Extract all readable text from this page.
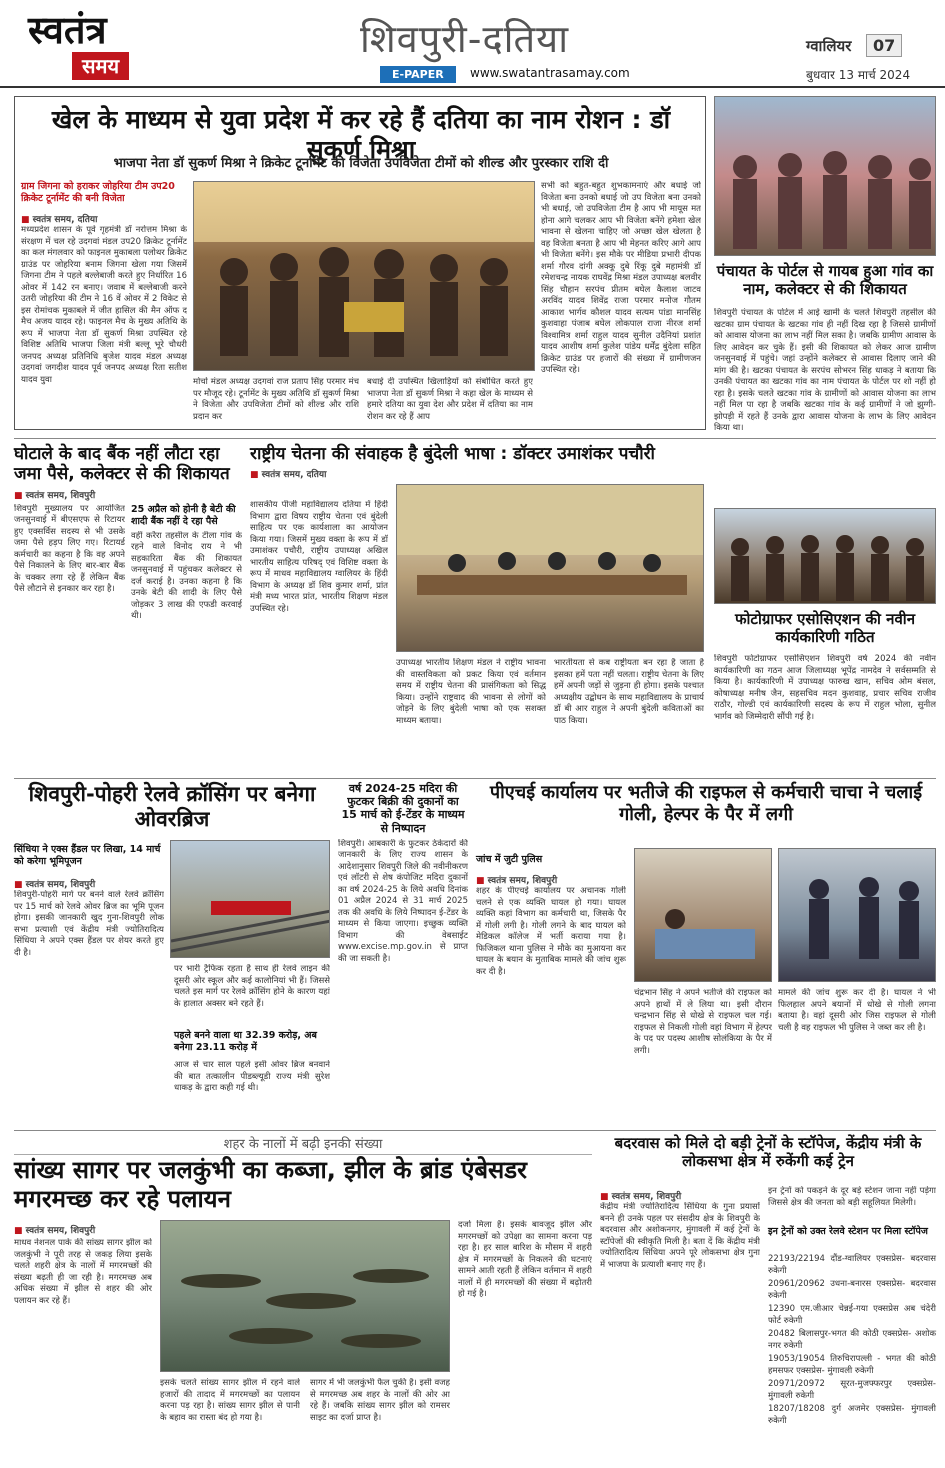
स्वतंत्र
समय
शिवपुरी-दतिया
E-PAPER	www.swatantrasamay.com
ग्वालियर	07
बुधवार 13 मार्च 2024
खेल के माध्यम से युवा प्रदेश में कर रहे हैं दतिया का नाम रोशन : डॉ सुकर्ण मिश्रा
भाजपा नेता डॉ सुकर्ण मिश्रा ने क्रिकेट टूर्नामेंट की विजेता उपविजेता टीमों को शील्ड और पुरस्कार राशि दी
ग्राम जिगना को हराकर जोहरिया टीम उप20 क्रिकेट टूर्नामेंट की बनी विजेता
■ स्वतंत्र समय, दतिया
मध्यप्रदेश शासन के पूर्व गृहमंत्री डॉ नरोत्तम मिश्रा के संरक्षण में चल रहे उदगवां मंडल उप20 क्रिकेट टूर्नामेंट का कल मंगलवार को फाइनल मुकाबला पलोथर क्रिकेट ग्राउंड पर जोहरिया बनाम जिगना खेला गया जिसमें जिगना टीम ने पहले बल्लेबाजी करते हुए निर्धारित 16 ओवर में 142 रन बनाए। जवाब में बल्लेबाजी करने उतरी जोहरिया की टीम ने 16 वें ओवर में 2 विकेट से इस रोमांचक मुकाबले में जीत हासिल की मैन ऑफ द मैच अजय यादव रहे। फाइनल मैच के मुख्य अतिथि के रूप में भाजपा नेता डॉ सुकर्ण मिश्रा उपस्थित रहे विशिष्ट अतिथि भाजपा जिला मंत्री बल्लू भूरे चौधरी जनपद अध्यक्ष प्रतिनिधि बृजेश यादव मंडल अध्यक्ष उदगवां जगदीश यादव पूर्व जनपद अध्यक्ष रिता सतीश यादव युवा	मोर्चा मंडल अध्यक्ष उदगवां राज प्रताप सिंह परमार मंच पर मौजूद रहे। टूर्नामेंट के मुख्य अतिथि डॉ सुकर्ण मिश्रा ने विजेता और उपविजेता टीमों को शील्ड और राशि प्रदान कर
बधाई दी उपस्थित खिलाड़ियों को संबोधित करते हुए भाजपा नेता डॉ सुकर्ण मिश्रा ने कहा खेल के माध्यम से हमारे दतिया का युवा देश और प्रदेश में दतिया का नाम रोशन कर रहे हैं आप
सभी को बहुत-बहुत शुभकामनाएं और बधाई जो विजेता बना उनको बधाई जो उप विजेता बना उनको भी बधाई, जो उपविजेता टीम है आप भी मायूस मत होना आगे चलकर आप भी विजेता बनेंगे हमेशा खेल भावना से खेलना चाहिए जो अच्छा खेल खेलता है वह विजेता बनता है आप भी मेहनत करिए आगे आप भी विजेता बनेंगे। इस मौके पर मीडिया प्रभारी दीपक शर्मा गौरव दांगी अक्कू दुबे रिंकू दुबे महामंत्री डॉ रमेशचन्द्र नायक राघवेंद्र मिश्रा मंडल उपाध्यक्ष बलवीर सिंह चौहान सरपंच प्रीतम बघेल कैलाश जाटव अरविंद यादव शिवेंद्र राजा परमार मनोज गौतम आकाश भार्गव कौशल यादव सत्यम पांडा मानसिंह कुशवाहा पंजाब बघेल लोकपाल राजा नीरज शर्मा विश्वामित्र शर्मा राहुल यादव सुनील उदैनियां प्रशांत यादव आशीष शर्मा कुलेश पांडेय धर्मेंद्र बुंदेला सहित क्रिकेट ग्राउंड पर हजारों की संख्या में ग्रामीणजन उपस्थित रहे।
पंचायत के पोर्टल से गायब हुआ गांव का नाम, कलेक्टर से की शिकायत
शिवपुरी पंचायत के पोर्टल में आई खामी के चलते शिवपुरी तहसील की खटका ग्राम पंचायत के खटका गांव ही नहीं दिख रहा है जिससे ग्रामीणों को आवास योजना का लाभ नहीं मिल सका है। जबकि ग्रामीण आवास के लिए आवेदन कर चुके हैं। इसी की शिकायत को लेकर आज ग्रामीण जनसुनवाई में पहुंचे। जहां उन्होंने कलेक्टर से आवास दिलाए जाने की मांग की है। खटका पंचायत के सरपंच सोभरन सिंह धाकड़ ने बताया कि उनकी पंचायत का खटका गांव का नाम पंचायत के पोर्टल पर शो नहीं हो रहा है। इसके चलते खटका गांव के ग्रामीणों को आवास योजना का लाभ नहीं मिल पा रहा है जबकि खटका गांव के कई ग्रामीणों ने जो झुग्गी-झोपड़ी में रहते हैं उनके द्वारा आवास योजना के लाभ के लिए आवेदन किया था।
घोटाले के बाद बैंक नहीं लौटा रहा जमा पैसे, कलेक्टर से की शिकायत
■ स्वतंत्र समय, शिवपुरी
शिवपुरी मुख्यालय पर आयोजित जनसुनवाई में बीएसएफ से रिटायर हुए एक्सर्विस सदस्य से भी उसके जमा पैसे हड़प लिए गए। रिटायर्ड कर्मचारी का कहना है कि वह अपने पैसे निकालने के लिए बार-बार बैंक के चक्कर लगा रहे हैं लेकिन बैंक पैसे लौटाने से इनकार कर रहा है।
25 अप्रैल को होनी है बेटी की शादी बैंक नहीं दे रहा पैसे
वहीं करैरा तहसील के टीला गांव के रहने वाले विनोद राय ने भी सहकारिता बैंक की शिकायत जनसुनवाई में पहुंचकर कलेक्टर से दर्ज कराई है। उनका कहना है कि उनके बेटी की शादी के लिए पैसे जोड़कर 3 लाख की एफडी करवाई थी।
राष्ट्रीय चेतना की संवाहक है बुंदेली भाषा : डॉक्टर उमाशंकर पचौरी
■ स्वतंत्र समय, दतिया
शासकीय पीजी महाविद्यालय दतिया में हिंदी विभाग द्वारा विषय राष्ट्रीय चेतना एवं बुंदेली साहित्य पर एक कार्यशाला का आयोजन किया गया। जिसमें मुख्य वक्ता के रूप में डॉ उमाशंकर पचौरी, राष्ट्रीय उपाध्यक्ष अखिल भारतीय साहित्य परिषद् एवं विशिष्ट वक्ता के रूप में माधव महाविद्यालय ग्वालियर के हिंदी विभाग के अध्यक्ष डॉ शिव कुमार शर्मा, प्रांत मंत्री मध्य भारत प्रांत, भारतीय शिक्षण मंडल उपस्थित रहे।
उपाध्यक्ष भारतीय शिक्षण मंडल ने राष्ट्रीय भावना की वास्तविकता को प्रकट किया एवं वर्तमान समय में राष्ट्रीय चेतना की प्रासंगिकता को सिद्ध किया। उन्होंने राष्ट्रवाद की भावना से लोगों को जोड़ने के लिए बुंदेली भाषा को एक सशक्त माध्यम बताया।
भारतीयता से कब राष्ट्रीयता बन रहा है जाता है इसका हमें पता नहीं चलता। राष्ट्रीय चेतना के लिए हमें अपनी जड़ों से जुड़ना ही होगा। इसके पश्चात अध्यक्षीय उद्बोधन के साथ महाविद्यालय के प्राचार्य डॉ बी आर राहुल ने अपनी बुंदेली कविताओं का पाठ किया।
फोटोग्राफर एसोसिएशन की नवीन कार्यकारिणी गठित
शिवपुरी फोटोग्राफर एसोसिएशन शिवपुरी वर्ष 2024 की नवीन कार्यकारिणी का गठन आज जिलाध्यक्ष भूपेंद्र नामदेव ने सर्वसम्मति से किया है। कार्यकारिणी में उपाध्यक्ष फारुख खान, सचिव ओम बंसल, कोषाध्यक्ष मनीष जैन, सहसचिव मदन कुशवाह, प्रचार सचिव राजीव राठौर, गोल्डी एवं कार्यकारिणी सदस्य के रूप में राहुल भोला, सुनील भार्गव को जिम्मेदारी सौंपी गई है।
शिवपुरी-पोहरी रेलवे क्रॉसिंग पर बनेगा ओवरब्रिज
सिंधिया ने एक्स हैंडल पर लिखा, 14 मार्च को करेगा भूमिपूजन
■ स्वतंत्र समय, शिवपुरी
शिवपुरी-पोहरी मार्ग पर बनने वाले रेलवे क्रॉसिंग पर 15 मार्च को रेलवे ओवर ब्रिज का भूमि पूजन होगा। इसकी जानकारी खुद गुना-शिवपुरी लोक सभा प्रत्याशी एवं केंद्रीय मंत्री ज्योतिरादित्य सिंधिया ने अपने एक्स हैंडल पर शेयर करते हुए दी है।
पर भारी ट्रैफिक रहता है साथ ही रेलवे लाइन की दूसरी ओर स्कूल और कई कालोनियां भी हैं। जिससे चलते इस मार्ग पर रेलवे क्रॉसिंग होने के कारण यहां के हालात अक्सर बने रहते हैं।
पहले बनने वाला था 32.39 करोड़, अब बनेगा 23.11 करोड़ में
आज से चार साल पहले इसी ओवर ब्रिज बनवाने की बात तत्कालीन पीडब्ल्यूडी राज्य मंत्री सुरेश धाकड़ के द्वारा कही गई थी।
वर्ष 2024-25 मदिरा की फुटकर बिक्री की दुकानों का 15 मार्च को ई-टेंडर के माध्यम से निष्पादन
शिवपुरी। आबकारी के फुटकर ठेकेदारों की जानकारी के लिए राज्य शासन के आदेशानुसार शिवपुरी जिले की नवीनीकरण एवं लॉटरी से शेष कंपोजिट मदिरा दुकानों का वर्ष 2024-25 के लिये अवधि दिनांक 01 अप्रैल 2024 से 31 मार्च 2025 तक की अवधि के लिये निष्पादन ई-टेंडर के माध्यम से किया जाएगा। इच्छुक व्यक्ति विभाग की वेबसाईट www.excise.mp.gov.in से प्राप्त की जा सकती है।
पीएचई कार्यालय पर भतीजे की राइफल से कर्मचारी चाचा ने चलाई गोली, हेल्पर के पैर में लगी
जांच में जुटी पुलिस
■ स्वतंत्र समय, शिवपुरी
शहर के पीएचई कार्यालय पर अचानक गोली चलने से एक व्यक्ति घायल हो गया। घायल व्यक्ति कहां विभाग का कर्मचारी था, जिसके पैर में गोली लगी है। गोली लगने के बाद घायल को मेडिकल कॉलेज में भर्ती कराया गया है। फिजिकल थाना पुलिस ने मौके का मुआयना कर घायल के बयान के मुताबिक मामले की जांच शुरू कर दी है।
चंद्रभान सिंह ने अपने भतीजे की राइफल को अपने हाथों में ले लिया था। इसी दौरान चन्द्रभान सिंह से धोखे से राइफल चल गई। राइफल से निकली गोली वहां विभाग में हेल्पर के पद पर पदस्थ आशीष सोलंकिया के पैर में लगी।
मामले की जांच शुरू कर दी है। घायल ने भी फिलहाल अपने बयानों में धोखे से गोली लगना बताया है। वहां दूसरी ओर जिस राइफल से गोली चली है वह राइफल भी पुलिस ने जब्त कर ली है।
शहर के नालों में बढ़ी इनकी संख्या
सांख्य सागर पर जलकुंभी का कब्जा, झील के ब्रांड एंबेसडर मगरमच्छ कर रहे पलायन
■ स्वतंत्र समय, शिवपुरी
माधव नेशनल पार्क की सांख्य सागर झील को जलकुंभी ने पूरी तरह से जकड़ लिया इसके चलते शहरी क्षेत्र के नालों में मगरमच्छों की संख्या बढ़ती ही जा रही है। मगरमच्छ अब अधिक संख्या में झील से शहर की ओर पलायन कर रहे हैं।
इसके चलते सांख्य सागर झील में रहने वाले हजारों की तादाद में मगरमच्छों का पलायन करना पड़ रहा है। सांख्य सागर झील से पानी के बहाव का रास्ता बंद हो गया है।
सागर में भी जलकुंभी फैल चुकी है। इसी वजह से मगरमच्छ अब शहर के नालों की ओर आ रहे हैं। जबकि सांख्य सागर झील को रामसर साइट का दर्जा प्राप्त है।
दर्जा मिला है। इसके बावजूद झील और मगरमच्छों को उपेक्षा का सामना करना पड़ रहा है। हर साल बारिश के मौसम में शहरी क्षेत्र में मगरमच्छों के निकलने की घटनाएं सामने आती रहती हैं लेकिन वर्तमान में शहरी नालों में ही मगरमच्छों की संख्या में बढ़ोतरी हो गई है।
बदरवास को मिले दो बड़ी ट्रेनों के स्टॉपेज, केंद्रीय मंत्री के लोकसभा क्षेत्र में रुकेंगी कई ट्रेन
■ स्वतंत्र समय, शिवपुरी
केंद्रीय मंत्री ज्योतिरादित्य सिंधिया के गुना प्रयासों बनने ही उनके पहल पर संसदीय क्षेत्र के शिवपुरी के बदरवास और अशोकनगर, मुंगावली में कई ट्रेनों के स्टॉपेजों की स्वीकृति मिली है। बता दें कि केंद्रीय मंत्री ज्योतिरादित्य सिंधिया अपने पूरे लोकसभा क्षेत्र गुना में भाजपा के प्रत्याशी बनाए गए हैं।
इन ट्रेनों को पकड़ने के दूर बड़े स्टेशन जाना नहीं पड़ेगा जिससे क्षेत्र की जनता को बड़ी सहूलियत मिलेगी।
इन ट्रेनों को उक्त रेलवे स्टेशन पर मिला स्टॉपेज
22193/22194 दौंड-ग्वालियर एक्सप्रेस- बदरवास रुकेगी
20961/20962 उधना-बनारस एक्सप्रेस- बदरवास रुकेगी
12390 एम.जीआर चेन्नई-गया एक्सप्रेस अब चंदेरी फोर्ट रुकेगी
20482 बिलासपुर-भगत की कोठी एक्सप्रेस- अशोक नगर रुकेगी
19053/19054 तिरुचिरापल्ली - भगत की कोठी हमसफर एक्सप्रेस- मुंगावली रुकेगी
20971/20972 सूरत-मुजफ्फरपुर एक्सप्रेस- मुंगावली रुकेगी
18207/18208 दुर्ग अजमेर एक्सप्रेस- मुंगावली रुकेगी
